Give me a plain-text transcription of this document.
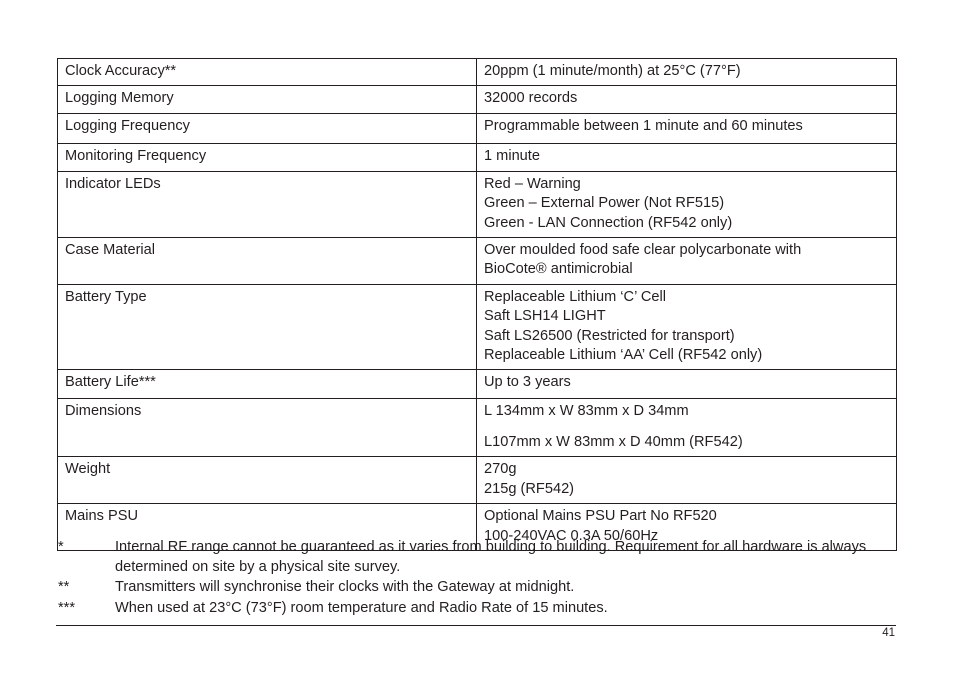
Clock Accuracy**	20ppm (1 minute/month) at 25°C (77°F)

Logging Memory	32000 records

Logging Frequency	Programmable between 1 minute and 60 minutes

Monitoring Frequency	1 minute

Indicator LEDs	Red – Warning
Green – External Power (Not RF515)
Green - LAN Connection (RF542 only)

Case Material	Over moulded food safe clear polycarbonate with
BioCote® antimicrobial

Battery Type	Replaceable Lithium ‘C’ Cell
Saft LSH14 LIGHT
Saft LS26500 (Restricted for transport)
Replaceable Lithium ‘AA’ Cell (RF542 only)

Battery Life***	Up to 3 years

Dimensions	L 134mm x W 83mm x D 34mm
L107mm x W 83mm x D 40mm (RF542)

Weight	270g
215g (RF542)

Mains PSU	Optional Mains PSU Part No RF520
100-240VAC 0.3A 50/60Hz
*	Internal RF range cannot be guaranteed as it varies from building to building. Requirement for all hardware is always determined on site by a physical site survey.
**	Transmitters will synchronise their clocks with the Gateway at midnight.
***	When used at 23°C (73°F) room temperature and Radio Rate of 15 minutes.
41
